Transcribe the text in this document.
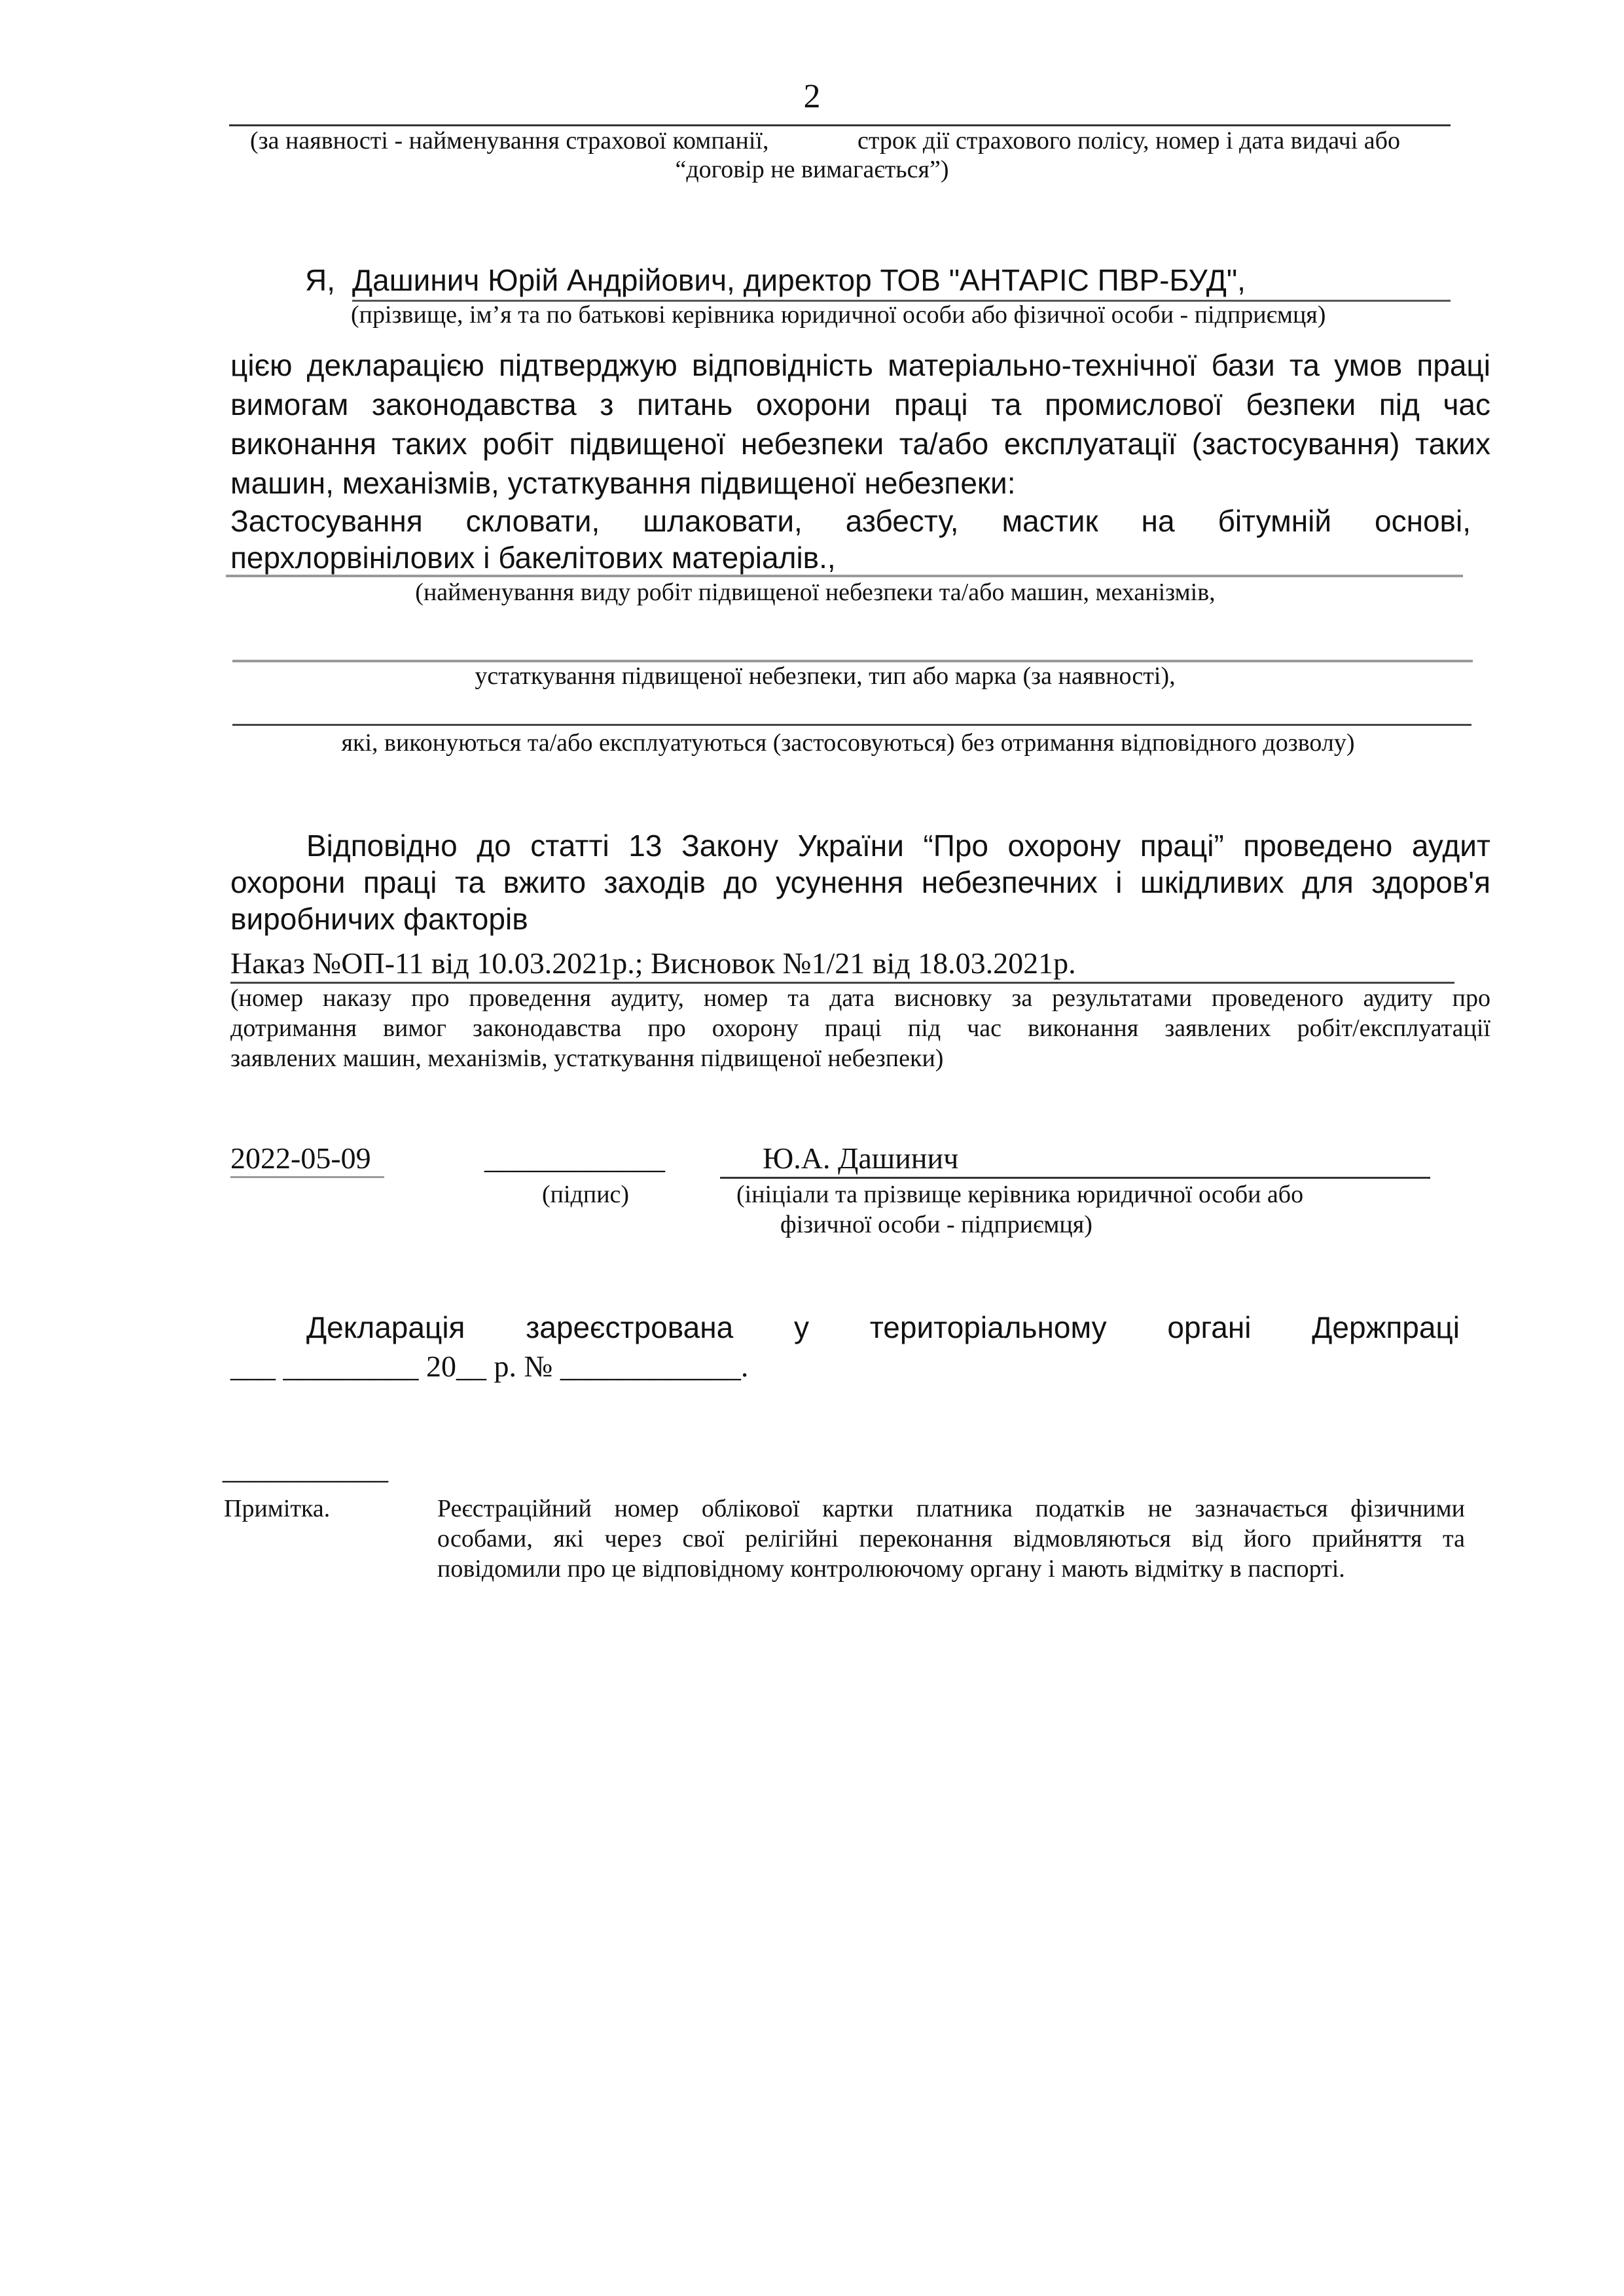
2
(за наявності - найменування страхової компанії,	строк дії страхового полісу, номер і дата видачі або
“договір не вимагається”)
Я, Дашинич Юрій Андрійович, директор ТОВ "АНТАРІС ПВР-БУД",
(прізвище, ім’я та по батькові керівника юридичної особи або фізичної особи - підприємця)
цією декларацією підтверджую відповідність матеріально-технічної бази та умов праці
вимогам законодавства з питань охорони праці та промислової безпеки під час
виконання таких робіт підвищеної небезпеки та/або експлуатації (застосування) таких
машин, механізмів, устаткування підвищеної небезпеки:
Застосування скловати, шлаковати, азбесту, мастик на бітумній основі,
перхлорвінілових і бакелітових матеріалів.,
(найменування виду робіт підвищеної небезпеки та/або машин, механізмів,
устаткування підвищеної небезпеки, тип або марка (за наявності),
які, виконуються та/або експлуатуються (застосовуються) без отримання відповідного дозволу)
Відповідно до статті 13 Закону України “Про охорону праці” проведено аудит
охорони праці та вжито заходів до усунення небезпечних і шкідливих для здоров'я
виробничих факторів
Наказ №ОП-11 від 10.03.2021р.; Висновок №1/21 від 18.03.2021р.
(номер наказу про проведення аудиту, номер та дата висновку за результатами проведеного аудиту про
дотримання вимог законодавства про охорону праці під час виконання заявлених робіт/експлуатації
заявлених машин, механізмів, устаткування підвищеної небезпеки)
2022-05-09	____________
(підпис)
Ю.А. Дашинич
(ініціали та прізвище керівника юридичної особи або
фізичної особи - підприємця)
Декларація зареєстрована у територіальному органі Держпраці
___ _________ 20__ р. № ____________.
___________
Примітка.	Реєстраційний номер облікової картки платника податків не зазначається фізичними
особами, які через свої релігійні переконання відмовляються від його прийняття та
повідомили про це відповідному контролюючому органу і мають відмітку в паспорті.
